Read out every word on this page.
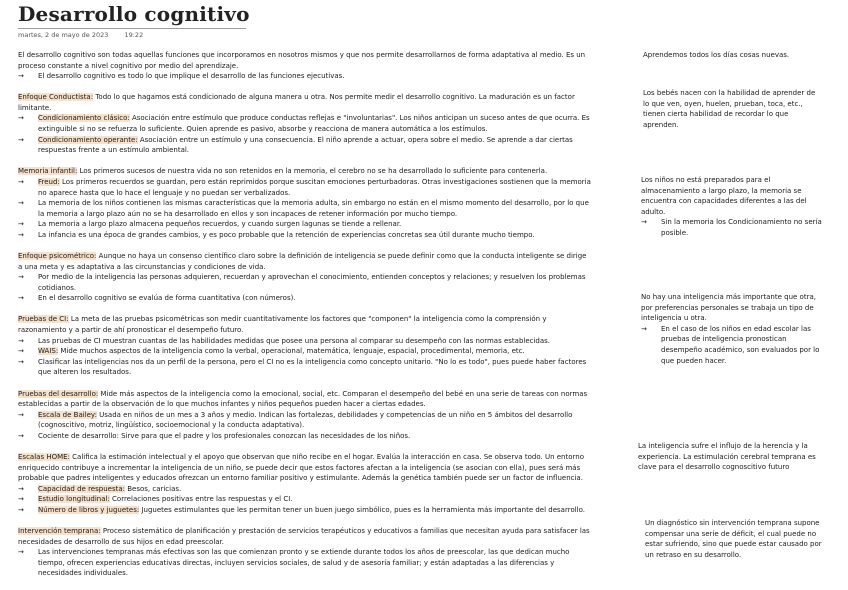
Desarrollo cognitivo
martes, 2 de mayo de 2023 19:22

El desarrollo cognitivo son todas aquellas funciones que incorporamos en nosotros mismos y que nos permite desarrollarnos de forma adaptativa al medio. Es un proceso constante a nivel cognitivo por medio del aprendizaje.

→	El desarrollo cognitivo es todo lo que implique el desarrollo de las funciones ejecutivas.

Enfoque Conductista: Todo lo que hagamos está condicionado de alguna manera u otra. Nos permite medir el desarrollo cognitivo. La maduración es un factor limitante.

→	Condicionamiento clásico: Asociación entre estímulo que produce conductas reflejas e "involuntarias". Los niños anticipan un suceso antes de que ocurra. Es extinguible si no se refuerza lo suficiente. Quien aprende es pasivo, absorbe y reacciona de manera automática a los estímulos.
→	Condicionamiento operante: Asociación entre un estímulo y una consecuencia. El niño aprende a actuar, opera sobre el medio. Se aprende a dar ciertas respuestas frente a un estímulo ambiental.

Memoria infantil: Los primeros sucesos de nuestra vida no son retenidos en la memoria, el cerebro no se ha desarrollado lo suficiente para contenerla.

→	Freud: Los primeros recuerdos se guardan, pero están reprimidos porque suscitan emociones perturbadoras. Otras investigaciones sostienen que la memoria no aparece hasta que lo hace el lenguaje y no puedan ser verbalizados.
→	La memoria de los niños contienen las mismas características que la memoria adulta, sin embargo no están en el mismo momento del desarrollo, por lo que la memoria a largo plazo aún no se ha desarrollado en ellos y son incapaces de retener información por mucho tiempo.
→	La memoria a largo plazo almacena pequeños recuerdos, y cuando surgen lagunas se tiende a rellenar.
→	La infancia es una época de grandes cambios, y es poco probable que la retención de experiencias concretas sea útil durante mucho tiempo.

Enfoque psicométrico: Aunque no haya un consenso científico claro sobre la definición de inteligencia se puede definir como que la conducta inteligente se dirige a una meta y es adaptativa a las circunstancias y condiciones de vida.

→	Por medio de la inteligencia las personas adquieren, recuerdan y aprovechan el conocimiento, entienden conceptos y relaciones; y resuelven los problemas cotidianos.
→	En el desarrollo cognitivo se evalúa de forma cuantitativa (con números).

Pruebas de CI: La meta de las pruebas psicométricas son medir cuantitativamente los factores que "componen" la inteligencia como la comprensión y razonamiento y a partir de ahí pronosticar el desempeño futuro.

→	Las pruebas de CI muestran cuantas de las habilidades medidas que posee una persona al comparar su desempeño con las normas establecidas.
→	WAIS: Mide muchos aspectos de la inteligencia como la verbal, operacional, matemática, lenguaje, espacial, procedimental, memoria, etc.
→	Clasificar las inteligencias nos da un perfil de la persona, pero el CI no es la inteligencia como concepto unitario. "No lo es todo", pues puede haber factores que alteren los resultados.

Pruebas del desarrollo: Mide más aspectos de la inteligencia como la emocional, social, etc. Comparan el desempeño del bebé en una serie de tareas con normas establecidas a partir de la observación de lo que muchos infantes y niños pequeños pueden hacer a ciertas edades.

→	Escala de Bailey: Usada en niños de un mes a 3 años y medio. Indican las fortalezas, debilidades y competencias de un niño en 5 ámbitos del desarrollo (cognoscitivo, motriz, lingüístico, socioemocional y la conducta adaptativa).
→	Cociente de desarrollo: Sirve para que el padre y los profesionales conozcan las necesidades de los niños.

Escalas HOME: Califica la estimación intelectual y el apoyo que observan que niño recibe en el hogar. Evalúa la interacción en casa. Se observa todo. Un entorno enriquecido contribuye a incrementar la inteligencia de un niño, se puede decir que estos factores afectan a la inteligencia (se asocian con ella), pues será más probable que padres inteligentes y educados ofrezcan un entorno familiar positivo y estimulante. Además la genética también puede ser un factor de influencia.

→	Capacidad de respuesta: Besos, caricias.
→	Estudio longitudinal: Correlaciones positivas entre las respuestas y el CI.
→	Número de libros y juguetes: Juguetes estimulantes que les permitan tener un buen juego simbólico, pues es la herramienta más importante del desarrollo.

Intervención temprana: Proceso sistemático de planificación y prestación de servicios terapéuticos y educativos a familias que necesitan ayuda para satisfacer las necesidades de desarrollo de sus hijos en edad preescolar.

→	Las intervenciones tempranas más efectivas son las que comienzan pronto y se extiende durante todos los años de preescolar, las que dedican mucho tiempo, ofrecen experiencias educativas directas, incluyen servicios sociales, de salud y de asesoría familiar; y están adaptadas a las diferencias y necesidades individuales.

Aprendemos todos los días cosas nuevas.

Los bebés nacen con la habilidad de aprender de lo que ven, oyen, huelen, prueban, toca, etc., tienen cierta habilidad de recordar lo que aprenden.

Los niños no está preparados para el almacenamiento a largo plazo, la memoria se encuentra con capacidades diferentes a las del adulto.

→	Sin la memoria los Condicionamiento no sería posible.

No hay una inteligencia más importante que otra, por preferencias personales se trabaja un tipo de inteligencia u otra.

→	En el caso de los niños en edad escolar las pruebas de inteligencia pronostican desempeño académico, son evaluados por lo que pueden hacer.

La inteligencia sufre el influjo de la herencia y la experiencia. La estimulación cerebral temprana es clave para el desarrollo cognoscitivo futuro

Un diagnóstico sin intervención temprana supone compensar una serie de déficit, el cual puede no estar sufriendo, sino que puede estar causado por un retraso en su desarrollo.
